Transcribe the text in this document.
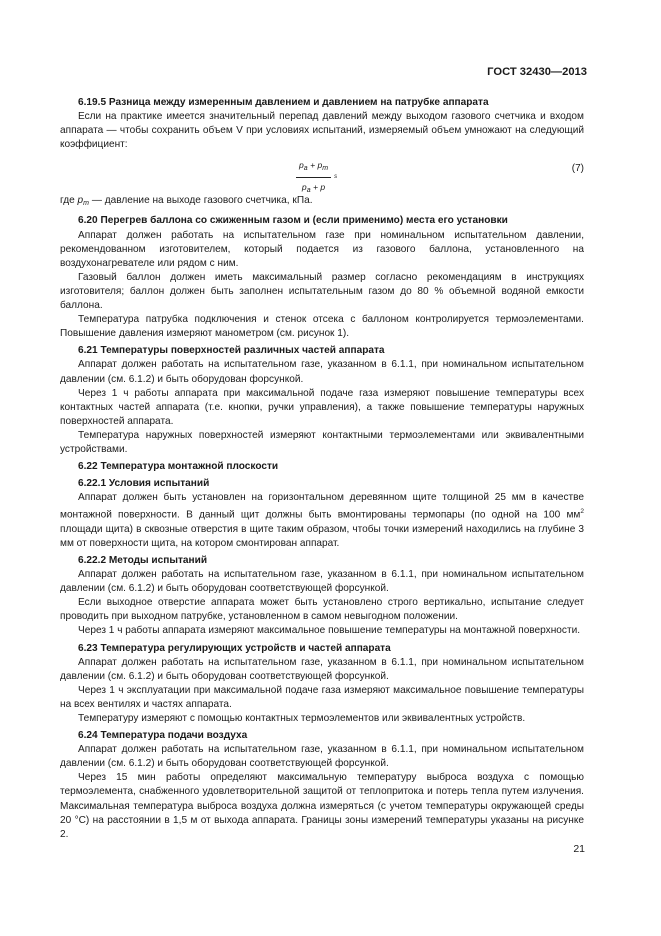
ГОСТ 32430—2013

6.19.5 Разница между измеренным давлением и давлением на патрубке аппарата

Если на практике имеется значительный перепад давлений между выходом газового счетчика и входом аппарата — чтобы сохранить объем V при условиях испытаний, измеряемый объем умножают на следующий коэффициент:

$p_a + p_m$
$p_a + p$
s
(7)

где $p_m$ — давление на выходе газового счетчика, кПа.

6.20 Перегрев баллона со сжиженным газом и (если применимо) места его установки

Аппарат должен работать на испытательном газе при номинальном испытательном давлении, рекомендованном изготовителем, который подается из газового баллона, установленного на воздухонагревателе или рядом с ним.

Газовый баллон должен иметь максимальный размер согласно рекомендациям в инструкциях изготовителя; баллон должен быть заполнен испытательным газом до 80 % объемной водяной емкости баллона.

Температура патрубка подключения и стенок отсека с баллоном контролируется термоэлементами. Повышение давления измеряют манометром (см. рисунок 1).

6.21 Температуры поверхностей различных частей аппарата

Аппарат должен работать на испытательном газе, указанном в 6.1.1, при номинальном испытательном давлении (см. 6.1.2) и быть оборудован форсункой.

Через 1 ч работы аппарата при максимальной подаче газа измеряют повышение температуры всех контактных частей аппарата (т.е. кнопки, ручки управления), а также повышение температуры наружных поверхностей аппарата.

Температура наружных поверхностей измеряют контактными термоэлементами или эквивалентными устройствами.

6.22 Температура монтажной плоскости

6.22.1 Условия испытаний

Аппарат должен быть установлен на горизонтальном деревянном щите толщиной 25 мм в качестве монтажной поверхности. В данный щит должны быть вмонтированы термопары (по одной на 100 $мм^2$ площади щита) в сквозные отверстия в щите таким образом, чтобы точки измерений находились на глубине 3 мм от поверхности щита, на котором смонтирован аппарат.

6.22.2 Методы испытаний

Аппарат должен работать на испытательном газе, указанном в 6.1.1, при номинальном испытательном давлении (см. 6.1.2) и быть оборудован соответствующей форсункой.

Если выходное отверстие аппарата может быть установлено строго вертикально, испытание следует проводить при выходном патрубке, установленном в самом невыгодном положении.

Через 1 ч работы аппарата измеряют максимальное повышение температуры на монтажной поверхности.

6.23 Температура регулирующих устройств и частей аппарата

Аппарат должен работать на испытательном газе, указанном в 6.1.1, при номинальном испытательном давлении (см. 6.1.2) и быть оборудован соответствующей форсункой.

Через 1 ч эксплуатации при максимальной подаче газа измеряют максимальное повышение температуры на всех вентилях и частях аппарата.

Температуру измеряют с помощью контактных термоэлементов или эквивалентных устройств.

6.24 Температура подачи воздуха

Аппарат должен работать на испытательном газе, указанном в 6.1.1, при номинальном испытательном давлении (см. 6.1.2) и быть оборудован соответствующей форсункой.

Через 15 мин работы определяют максимальную температуру выброса воздуха с помощью термоэлемента, снабженного удовлетворительной защитой от теплопритока и потерь тепла путем излучения. Максимальная температура выброса воздуха должна измеряться (с учетом температуры окружающей среды 20 °С) на расстоянии в 1,5 м от выхода аппарата. Границы зоны измерений температуры указаны на рисунке 2.

21
